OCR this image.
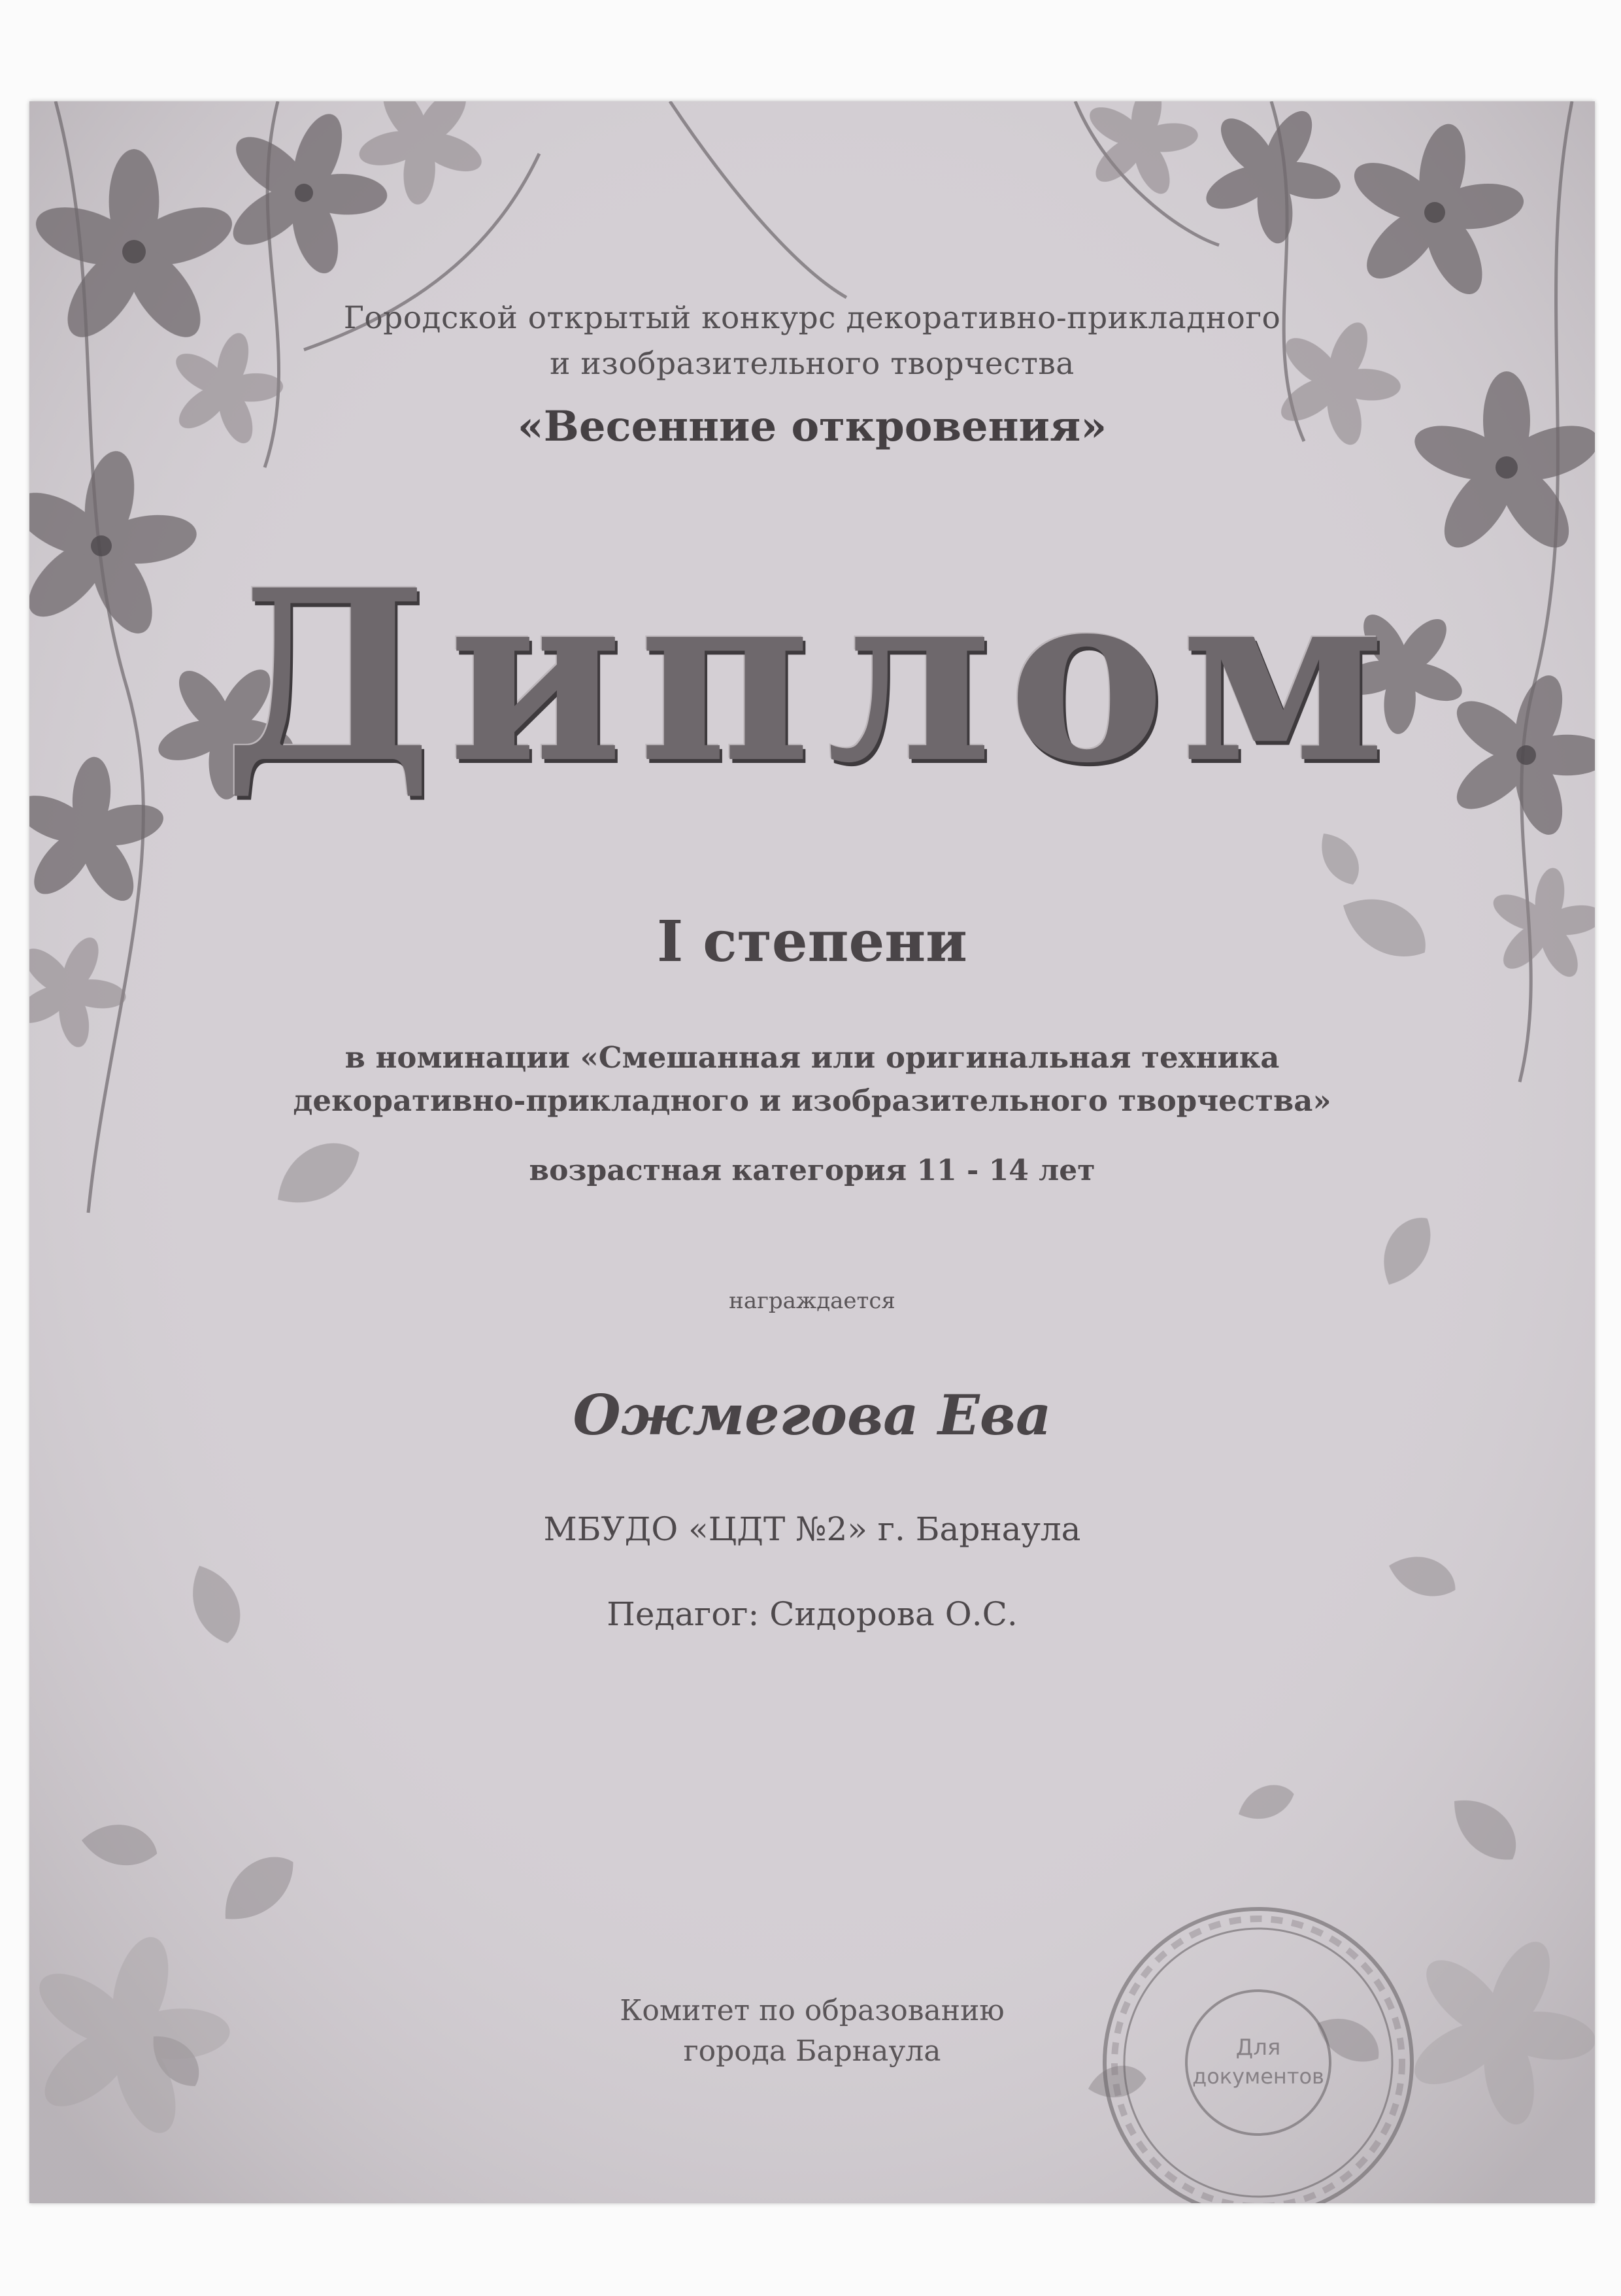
Городской открытый конкурс декоративно-прикладного
и изобразительного творчества
«Весенние откровения»
Диплом
I степени
в номинации «Смешанная или оригинальная техника
декоративно-прикладного и изобразительного творчества»
возрастная категория 11 - 14 лет
награждается
Ожмегова Ева
МБУДО «ЦДТ №2» г. Барнаула
Педагог: Сидорова О.С.
Комитет по образованию
города Барнаула	Для
документов
